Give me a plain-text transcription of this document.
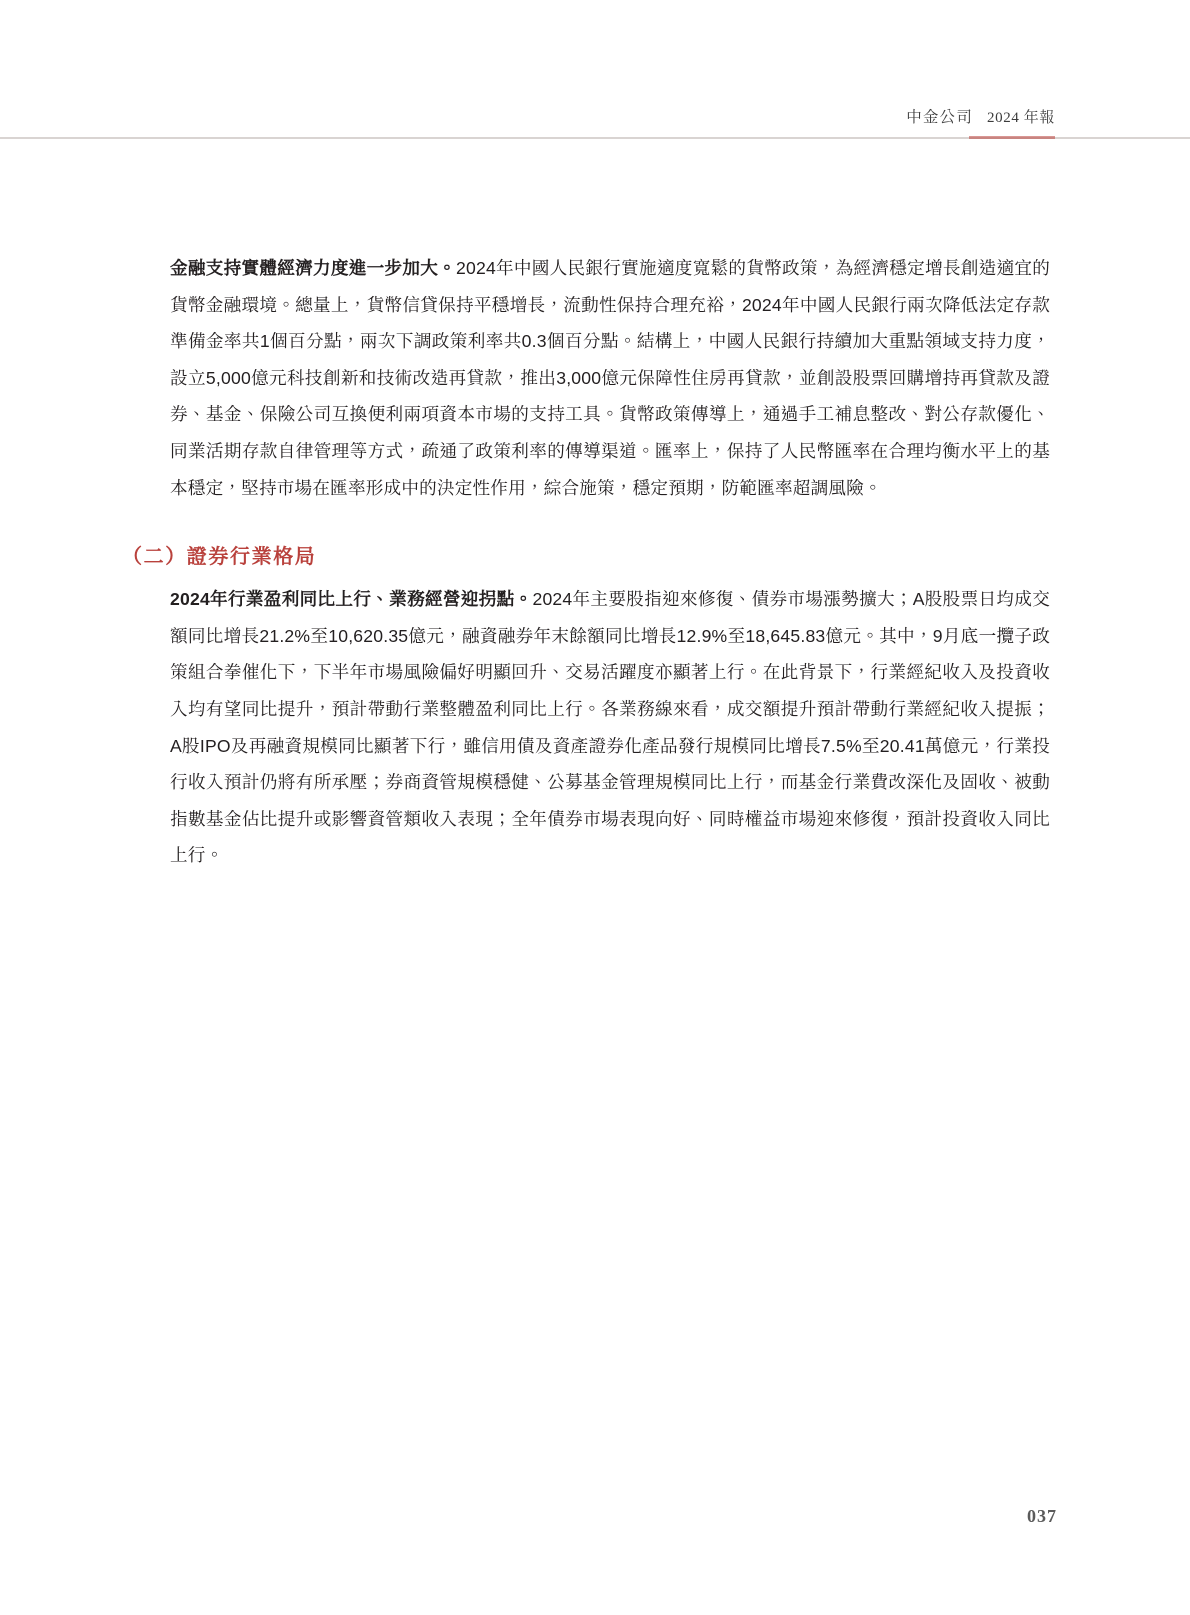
中金公司 2024 年報

金融支持實體經濟力度進一步加大。2024年中國人民銀行實施適度寬鬆的貨幣政策，為經濟穩定增長創造適宜的貨幣金融環境。總量上，貨幣信貸保持平穩增長，流動性保持合理充裕，2024年中國人民銀行兩次降低法定存款準備金率共1個百分點，兩次下調政策利率共0.3個百分點。結構上，中國人民銀行持續加大重點領域支持力度，設立5,000億元科技創新和技術改造再貸款，推出3,000億元保障性住房再貸款，並創設股票回購增持再貸款及證券、基金、保險公司互換便利兩項資本市場的支持工具。貨幣政策傳導上，通過手工補息整改、對公存款優化、同業活期存款自律管理等方式，疏通了政策利率的傳導渠道。匯率上，保持了人民幣匯率在合理均衡水平上的基本穩定，堅持市場在匯率形成中的決定性作用，綜合施策，穩定預期，防範匯率超調風險。

（二）證券行業格局

2024年行業盈利同比上行、業務經營迎拐點。2024年主要股指迎來修復、債券市場漲勢擴大；A股股票日均成交額同比增長21.2%至10,620.35億元，融資融券年末餘額同比增長12.9%至18,645.83億元。其中，9月底一攬子政策組合拳催化下，下半年市場風險偏好明顯回升、交易活躍度亦顯著上行。在此背景下，行業經紀收入及投資收入均有望同比提升，預計帶動行業整體盈利同比上行。各業務線來看，成交額提升預計帶動行業經紀收入提振；A股IPO及再融資規模同比顯著下行，雖信用債及資產證券化產品發行規模同比增長7.5%至20.41萬億元，行業投行收入預計仍將有所承壓；券商資管規模穩健、公募基金管理規模同比上行，而基金行業費改深化及固收、被動指數基金佔比提升或影響資管類收入表現；全年債券市場表現向好、同時權益市場迎來修復，預計投資收入同比上行。

037
